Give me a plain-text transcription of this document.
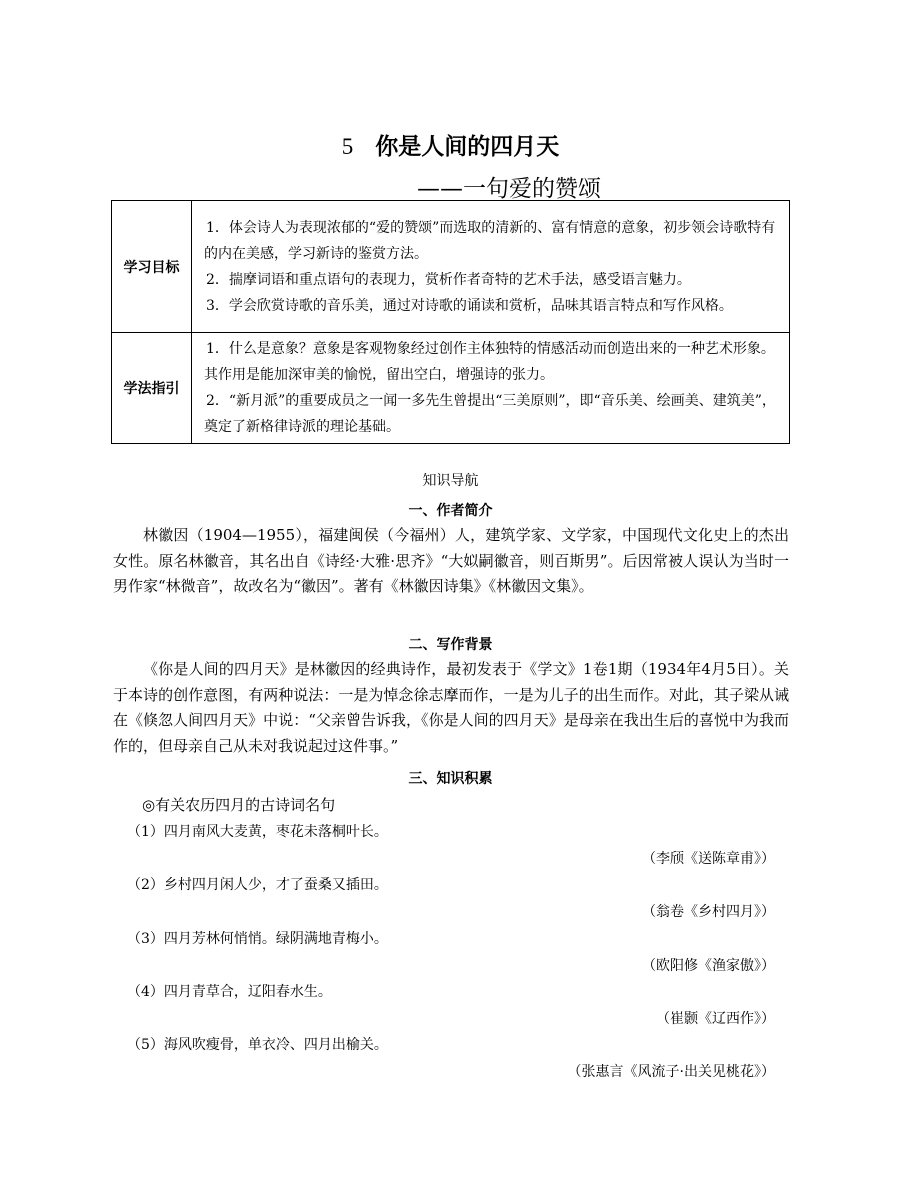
5 你是人间的四月天
——一句爱的赞颂
学习目标	1．体会诗人为表现浓郁的“爱的赞颂”而选取的清新的、富有情意的意象，初步领会诗歌特有的内在美感，学习新诗的鉴赏方法。

2．揣摩词语和重点语句的表现力，赏析作者奇特的艺术手法，感受语言魅力。

3．学会欣赏诗歌的音乐美，通过对诗歌的诵读和赏析，品味其语言特点和写作风格。

学法指引	1．什么是意象？意象是客观物象经过创作主体独特的情感活动而创造出来的一种艺术形象。其作用是能加深审美的愉悦，留出空白，增强诗的张力。

2．“新月派”的重要成员之一闻一多先生曾提出“三美原则”，即“音乐美、绘画美、建筑美”，奠定了新格律诗派的理论基础。

知识导航
一、作者简介

林徽因（1904—1955），福建闽侯（今福州）人，建筑学家、文学家，中国现代文化史上的杰出女性。原名林徽音，其名出自《诗经·大雅·思齐》“大姒嗣徽音，则百斯男”。后因常被人误认为当时一男作家“林微音”，故改名为“徽因”。著有《林徽因诗集》《林徽因文集》。

二、写作背景

《你是人间的四月天》是林徽因的经典诗作，最初发表于《学文》1卷1期（1934年4月5日）。关于本诗的创作意图，有两种说法：一是为悼念徐志摩而作，一是为儿子的出生而作。对此，其子梁从诫在《倏忽人间四月天》中说：“父亲曾告诉我，《你是人间的四月天》是母亲在我出生后的喜悦中为我而作的，但母亲自己从未对我说起过这件事。”

三、知识积累
◎有关农历四月的古诗词名句
（1）四月南风大麦黄，枣花未落桐叶长。
（李颀《送陈章甫》）
（2）乡村四月闲人少，才了蚕桑又插田。
（翁卷《乡村四月》）
（3）四月芳林何悄悄。绿阴满地青梅小。
（欧阳修《渔家傲》）
（4）四月青草合，辽阳春水生。
（崔颢《辽西作》）
（5）海风吹瘦骨，单衣冷、四月出榆关。
（张惠言《风流子·出关见桃花》）
